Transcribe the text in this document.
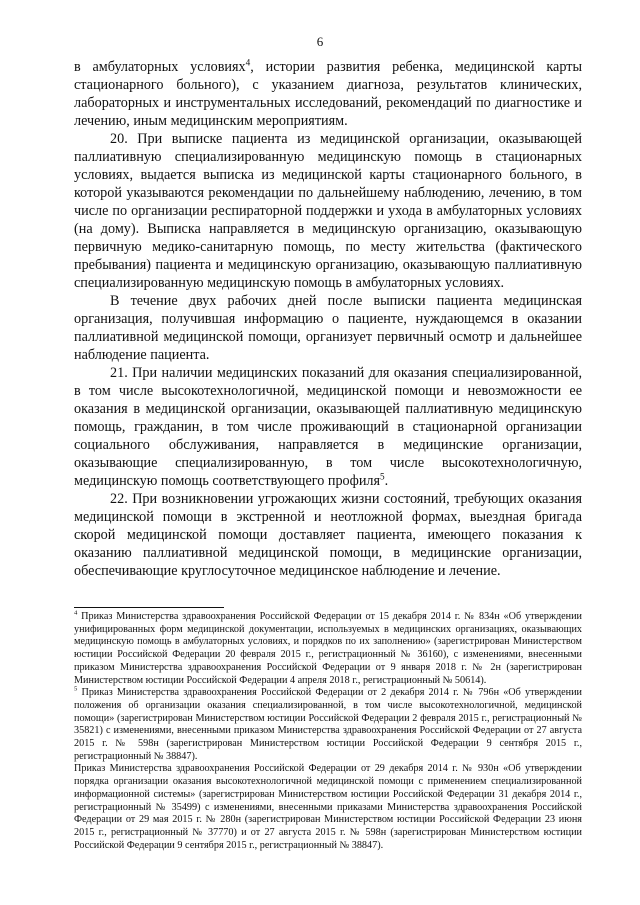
6

в амбулаторных условиях$^4$, истории развития ребенка, медицинской карты стационарного больного), с указанием диагноза, результатов клинических, лабораторных и инструментальных исследований, рекомендаций по диагностике и лечению, иным медицинским мероприятиям.

20. При выписке пациента из медицинской организации, оказывающей паллиативную специализированную медицинскую помощь в стационарных условиях, выдается выписка из медицинской карты стационарного больного, в которой указываются рекомендации по дальнейшему наблюдению, лечению, в том числе по организации респираторной поддержки и ухода в амбулаторных условиях (на дому). Выписка направляется в медицинскую организацию, оказывающую первичную медико-санитарную помощь, по месту жительства (фактического пребывания) пациента и медицинскую организацию, оказывающую паллиативную специализированную медицинскую помощь в амбулаторных условиях.

В течение двух рабочих дней после выписки пациента медицинская организация, получившая информацию о пациенте, нуждающемся в оказании паллиативной медицинской помощи, организует первичный осмотр и дальнейшее наблюдение пациента.

21. При наличии медицинских показаний для оказания специализированной, в том числе высокотехнологичной, медицинской помощи и невозможности ее оказания в медицинской организации, оказывающей паллиативную медицинскую помощь, гражданин, в том числе проживающий в стационарной организации социального обслуживания, направляется в медицинские организации, оказывающие специализированную, в том числе высокотехнологичную, медицинскую помощь соответствующего профиля$^5$.

22. При возникновении угрожающих жизни состояний, требующих оказания медицинской помощи в экстренной и неотложной формах, выездная бригада скорой медицинской помощи доставляет пациента, имеющего показания к оказанию паллиативной медицинской помощи, в медицинские организации, обеспечивающие круглосуточное медицинское наблюдение и лечение.

$^4$ Приказ Министерства здравоохранения Российской Федерации от 15 декабря 2014 г. № 834н «Об утверждении унифицированных форм медицинской документации, используемых в медицинских организациях, оказывающих медицинскую помощь в амбулаторных условиях, и порядков по их заполнению» (зарегистрирован Министерством юстиции Российской Федерации 20 февраля 2015 г., регистрационный № 36160), с изменениями, внесенными приказом Министерства здравоохранения Российской Федерации от 9 января 2018 г. № 2н (зарегистрирован Министерством юстиции Российской Федерации 4 апреля 2018 г., регистрационный № 50614).

$^5$ Приказ Министерства здравоохранения Российской Федерации от 2 декабря 2014 г. № 796н «Об утверждении положения об организации оказания специализированной, в том числе высокотехнологичной, медицинской помощи» (зарегистрирован Министерством юстиции Российской Федерации 2 февраля 2015 г., регистрационный № 35821) с изменениями, внесенными приказом Министерства здравоохранения Российской Федерации от 27 августа 2015 г. № 598н (зарегистрирован Министерством юстиции Российской Федерации 9 сентября 2015 г., регистрационный № 38847).

Приказ Министерства здравоохранения Российской Федерации от 29 декабря 2014 г. № 930н «Об утверждении порядка организации оказания высокотехнологичной медицинской помощи с применением специализированной информационной системы» (зарегистрирован Министерством юстиции Российской Федерации 31 декабря 2014 г., регистрационный № 35499) с изменениями, внесенными приказами Министерства здравоохранения Российской Федерации от 29 мая 2015 г. № 280н (зарегистрирован Министерством юстиции Российской Федерации 23 июня 2015 г., регистрационный № 37770) и от 27 августа 2015 г. № 598н (зарегистрирован Министерством юстиции Российской Федерации 9 сентября 2015 г., регистрационный № 38847).
